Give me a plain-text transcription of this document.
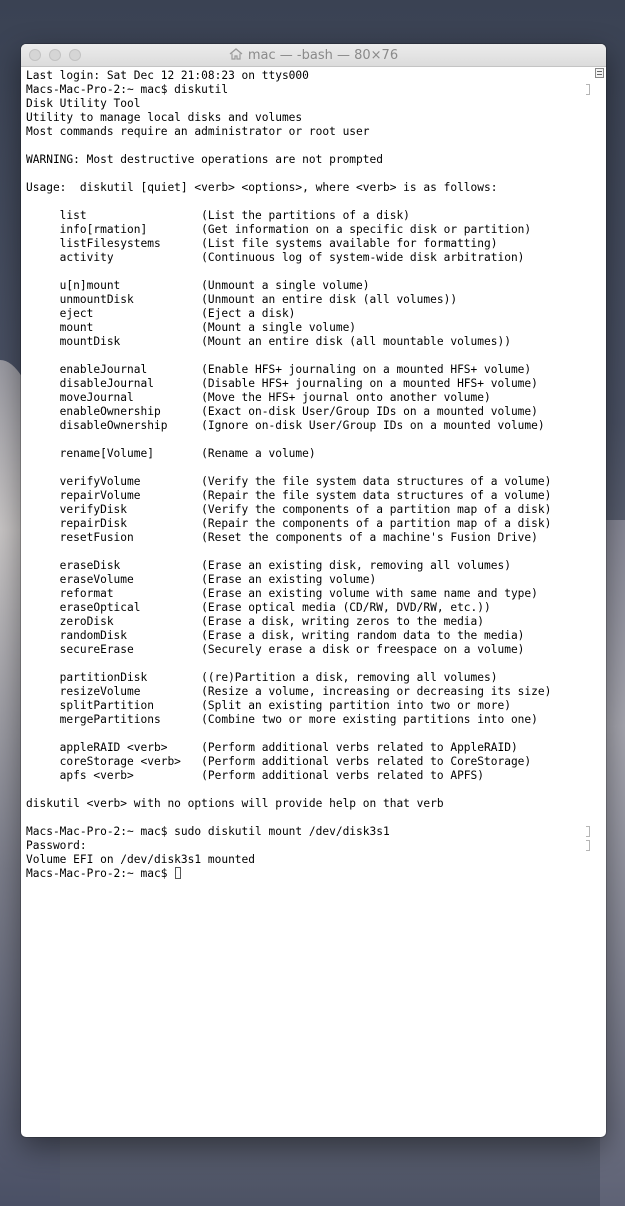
mac — -bash — 80×76
Last login: Sat Dec 12 21:08:23 on ttys000
Macs-Mac-Pro-2:~ mac$ diskutil
Disk Utility Tool
Utility to manage local disks and volumes
Most commands require an administrator or root user
WARNING: Most destructive operations are not prompted
Usage:  diskutil [quiet] <verb> <options>, where <verb> is as follows:
list                 (List the partitions of a disk)
info[rmation]        (Get information on a specific disk or partition)
listFilesystems      (List file systems available for formatting)
activity             (Continuous log of system-wide disk arbitration)
u[n]mount            (Unmount a single volume)
unmountDisk          (Unmount an entire disk (all volumes))
eject                (Eject a disk)
mount                (Mount a single volume)
mountDisk            (Mount an entire disk (all mountable volumes))
enableJournal        (Enable HFS+ journaling on a mounted HFS+ volume)
disableJournal       (Disable HFS+ journaling on a mounted HFS+ volume)
moveJournal          (Move the HFS+ journal onto another volume)
enableOwnership      (Exact on-disk User/Group IDs on a mounted volume)
disableOwnership     (Ignore on-disk User/Group IDs on a mounted volume)
rename[Volume]       (Rename a volume)
verifyVolume         (Verify the file system data structures of a volume)
repairVolume         (Repair the file system data structures of a volume)
verifyDisk           (Verify the components of a partition map of a disk)
repairDisk           (Repair the components of a partition map of a disk)
resetFusion          (Reset the components of a machine's Fusion Drive)
eraseDisk            (Erase an existing disk, removing all volumes)
eraseVolume          (Erase an existing volume)
reformat             (Erase an existing volume with same name and type)
eraseOptical         (Erase optical media (CD/RW, DVD/RW, etc.))
zeroDisk             (Erase a disk, writing zeros to the media)
randomDisk           (Erase a disk, writing random data to the media)
secureErase          (Securely erase a disk or freespace on a volume)
partitionDisk        ((re)Partition a disk, removing all volumes)
resizeVolume         (Resize a volume, increasing or decreasing its size)
splitPartition       (Split an existing partition into two or more)
mergePartitions      (Combine two or more existing partitions into one)
appleRAID <verb>     (Perform additional verbs related to AppleRAID)
coreStorage <verb>   (Perform additional verbs related to CoreStorage)
apfs <verb>          (Perform additional verbs related to APFS)
diskutil <verb> with no options will provide help on that verb
Macs-Mac-Pro-2:~ mac$ sudo diskutil mount /dev/disk3s1
Password:
Volume EFI on /dev/disk3s1 mounted
Macs-Mac-Pro-2:~ mac$
